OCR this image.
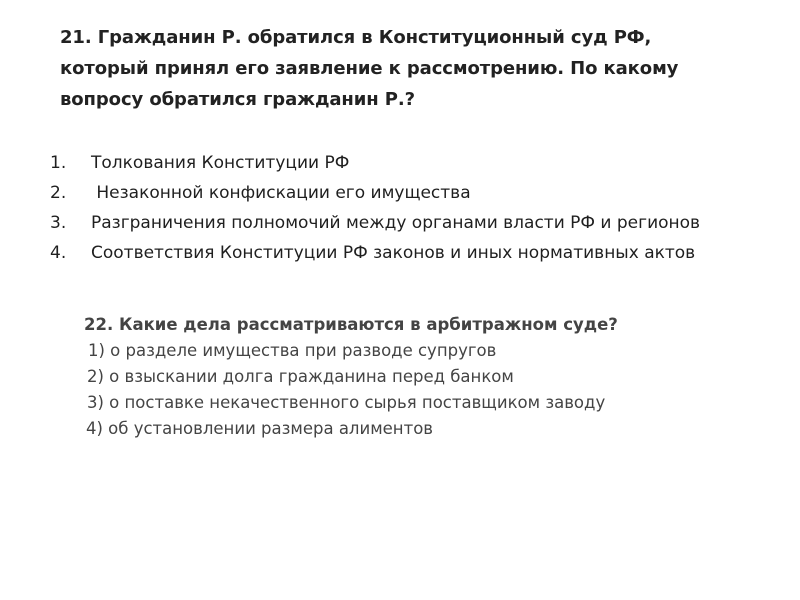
21. Гражданин Р. обратился в Конституционный суд РФ, который принял его заявление к рассмотрению. По какому вопросу обратился гражданин Р.?
1. Толкования Конституции РФ
2. Незаконной конфискации его имущества
3. Разграничения полномочий между органами власти РФ и регионов
4. Соответствия Конституции РФ законов и иных нормативных актов
22. Какие дела рассматриваются в арбитражном суде?
1) о разделе имущества при разводе супругов
2) о взыскании долга гражданина перед банком
3) о поставке некачественного сырья поставщиком заводу
4) об установлении размера алиментов
